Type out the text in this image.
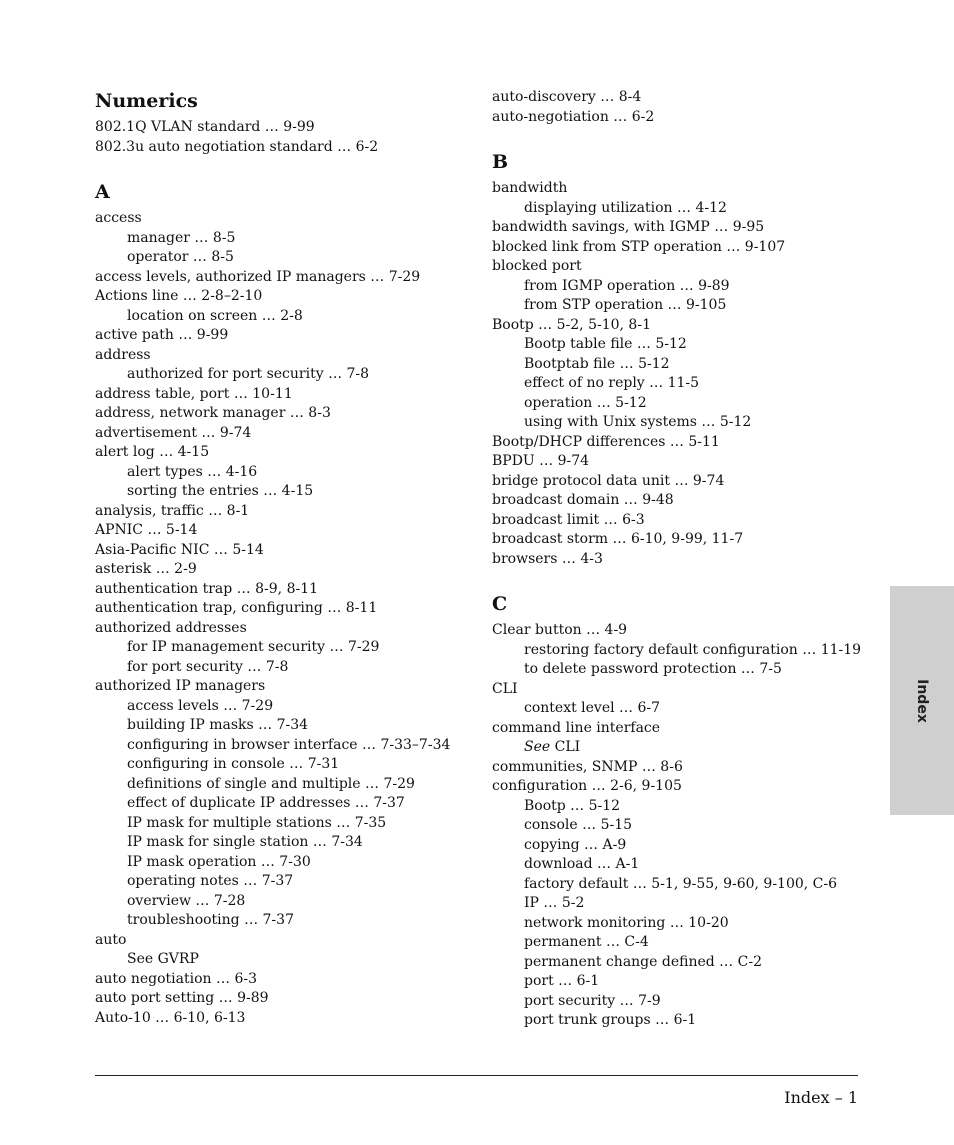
Numerics
802.1Q VLAN standard … 9-99
802.3u auto negotiation standard … 6-2
A
access
manager … 8-5
operator … 8-5
access levels, authorized IP managers … 7-29
Actions line … 2-8–2-10
location on screen … 2-8
active path … 9-99
address
authorized for port security … 7-8
address table, port … 10-11
address, network manager … 8-3
advertisement … 9-74
alert log … 4-15
alert types … 4-16
sorting the entries … 4-15
analysis, traffic … 8-1
APNIC … 5-14
Asia-Pacific NIC … 5-14
asterisk … 2-9
authentication trap … 8-9, 8-11
authentication trap, configuring … 8-11
authorized addresses
for IP management security … 7-29
for port security … 7-8
authorized IP managers
access levels … 7-29
building IP masks … 7-34
configuring in browser interface … 7-33–7-34
configuring in console … 7-31
definitions of single and multiple … 7-29
effect of duplicate IP addresses … 7-37
IP mask for multiple stations … 7-35
IP mask for single station … 7-34
IP mask operation … 7-30
operating notes … 7-37
overview … 7-28
troubleshooting … 7-37
auto
See GVRP
auto negotiation … 6-3
auto port setting … 9-89
Auto-10 … 6-10, 6-13
auto-discovery … 8-4
auto-negotiation … 6-2
B
bandwidth
displaying utilization … 4-12
bandwidth savings, with IGMP … 9-95
blocked link from STP operation … 9-107
blocked port
from IGMP operation … 9-89
from STP operation … 9-105
Bootp … 5-2, 5-10, 8-1
Bootp table file … 5-12
Bootptab file … 5-12
effect of no reply … 11-5
operation … 5-12
using with Unix systems … 5-12
Bootp/DHCP differences … 5-11
BPDU … 9-74
bridge protocol data unit … 9-74
broadcast domain … 9-48
broadcast limit … 6-3
broadcast storm … 6-10, 9-99, 11-7
browsers … 4-3
C
Clear button … 4-9
restoring factory default configuration … 11-19
to delete password protection … 7-5
CLI
context level … 6-7
command line interface
See CLI
communities, SNMP … 8-6
configuration … 2-6, 9-105
Bootp … 5-12
console … 5-15
copying … A-9
download … A-1
factory default … 5-1, 9-55, 9-60, 9-100, C-6
IP … 5-2
network monitoring … 10-20
permanent … C-4
permanent change defined … C-2
port … 6-1
port security … 7-9
port trunk groups … 6-1
Index
Index – 1
